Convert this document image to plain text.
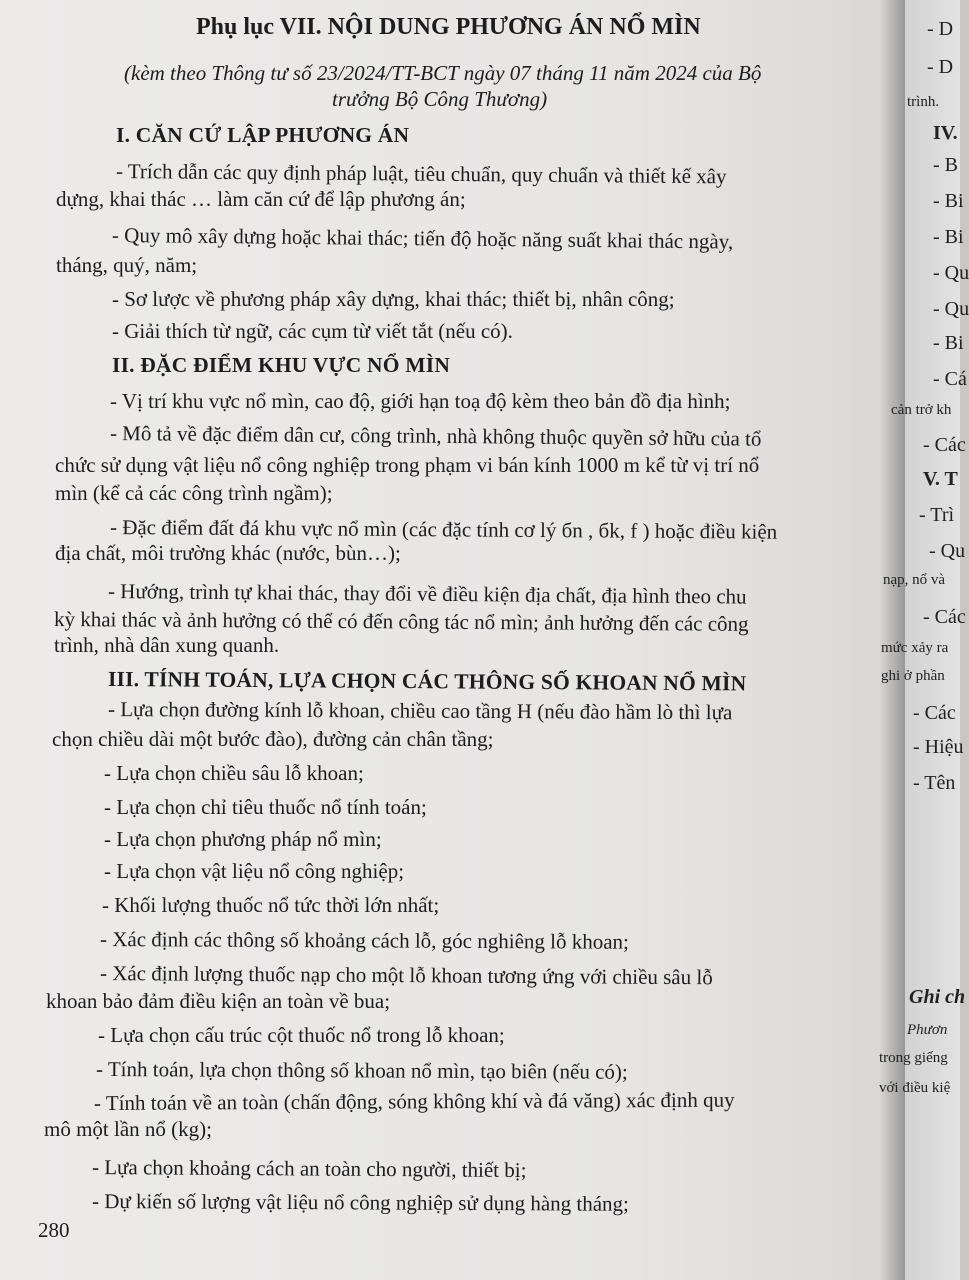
Phụ lục VII. NỘI DUNG PHƯƠNG ÁN NỔ MÌN
(kèm theo Thông tư số 23/2024/TT-BCT ngày 07 tháng 11 năm 2024 của Bộ
trưởng Bộ Công Thương)
I. CĂN CỨ LẬP PHƯƠNG ÁN
- Trích dẫn các quy định pháp luật, tiêu chuẩn, quy chuẩn và thiết kế xây
dựng, khai thác … làm căn cứ để lập phương án;
- Quy mô xây dựng hoặc khai thác; tiến độ hoặc năng suất khai thác ngày,
tháng, quý, năm;
- Sơ lược về phương pháp xây dựng, khai thác; thiết bị, nhân công;
- Giải thích từ ngữ, các cụm từ viết tắt (nếu có).
II. ĐẶC ĐIỂM KHU VỰC NỔ MÌN
- Vị trí khu vực nổ mìn, cao độ, giới hạn toạ độ kèm theo bản đồ địa hình;
- Mô tả về đặc điểm dân cư, công trình, nhà không thuộc quyền sở hữu của tổ
chức sử dụng vật liệu nổ công nghiệp trong phạm vi bán kính 1000 m kể từ vị trí nổ
mìn (kể cả các công trình ngầm);
- Đặc điểm đất đá khu vực nổ mìn (các đặc tính cơ lý бn , бk, f ) hoặc điều kiện
địa chất, môi trường khác (nước, bùn…);
- Hướng, trình tự khai thác, thay đổi về điều kiện địa chất, địa hình theo chu
kỳ khai thác và ảnh hưởng có thể có đến công tác nổ mìn; ảnh hưởng đến các công
trình, nhà dân xung quanh.
III. TÍNH TOÁN, LỰA CHỌN CÁC THÔNG SỐ KHOAN NỔ MÌN
- Lựa chọn đường kính lỗ khoan, chiều cao tầng H (nếu đào hầm lò thì lựa
chọn chiều dài một bước đào), đường cản chân tầng;
- Lựa chọn chiều sâu lỗ khoan;
- Lựa chọn chỉ tiêu thuốc nổ tính toán;
- Lựa chọn phương pháp nổ mìn;
- Lựa chọn vật liệu nổ công nghiệp;
- Khối lượng thuốc nổ tức thời lớn nhất;
- Xác định các thông số khoảng cách lỗ, góc nghiêng lỗ khoan;
- Xác định lượng thuốc nạp cho một lỗ khoan tương ứng với chiều sâu lỗ
khoan bảo đảm điều kiện an toàn về bua;
- Lựa chọn cấu trúc cột thuốc nổ trong lỗ khoan;
- Tính toán, lựa chọn thông số khoan nổ mìn, tạo biên (nếu có);
- Tính toán về an toàn (chấn động, sóng không khí và đá văng) xác định quy
mô một lần nổ (kg);
- Lựa chọn khoảng cách an toàn cho người, thiết bị;
- Dự kiến số lượng vật liệu nổ công nghiệp sử dụng hàng tháng;
280
- D
- D
trình.
IV.
- B
- Bi
- Bi
- Qu
- Qu
- Bi
- Cá
cản trở kh
- Các
V. T
- Trì
- Qu
nạp, nổ và
- Các
mức xảy ra
ghi ở phần
- Các
- Hiệu
- Tên
Ghi ch
Phươn
trong giếng
với điều kiệ
